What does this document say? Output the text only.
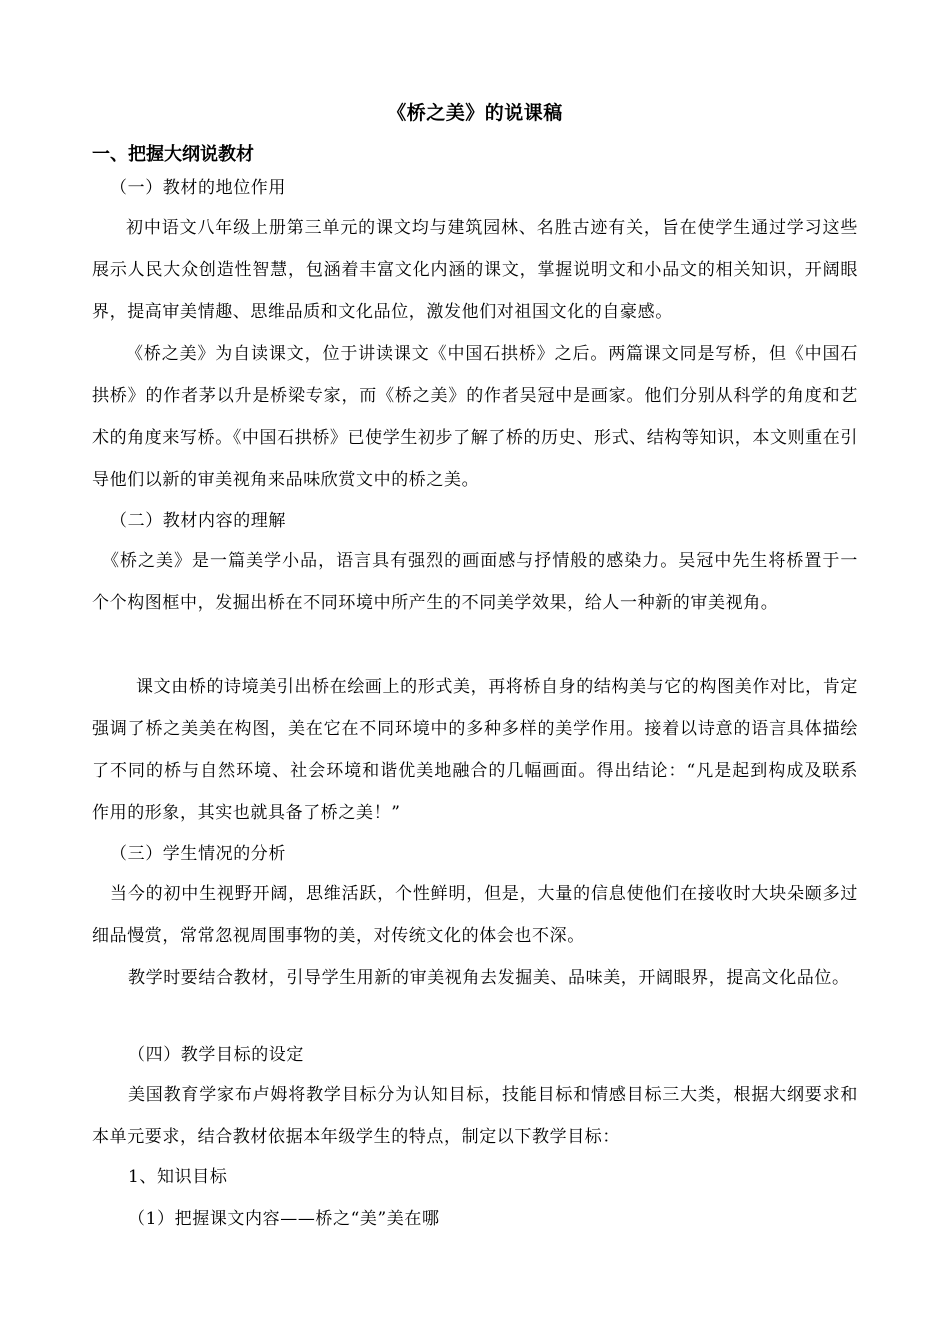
《桥之美》的说课稿
一、把握大纲说教材
（一）教材的地位作用

初中语文八年级上册第三单元的课文均与建筑园林、名胜古迹有关，旨在使学生通过学习这些展示人民大众创造性智慧，包涵着丰富文化内涵的课文，掌握说明文和小品文的相关知识，开阔眼界，提高审美情趣、思维品质和文化品位，激发他们对祖国文化的自豪感。

《桥之美》为自读课文，位于讲读课文《中国石拱桥》之后。两篇课文同是写桥，但《中国石拱桥》的作者茅以升是桥梁专家，而《桥之美》的作者吴冠中是画家。他们分别从科学的角度和艺术的角度来写桥。《中国石拱桥》已使学生初步了解了桥的历史、形式、结构等知识，本文则重在引导他们以新的审美视角来品味欣赏文中的桥之美。

（二）教材内容的理解

《桥之美》是一篇美学小品，语言具有强烈的画面感与抒情般的感染力。吴冠中先生将桥置于一个个构图框中，发掘出桥在不同环境中所产生的不同美学效果，给人一种新的审美视角。

课文由桥的诗境美引出桥在绘画上的形式美，再将桥自身的结构美与它的构图美作对比，肯定强调了桥之美美在构图，美在它在不同环境中的多种多样的美学作用。接着以诗意的语言具体描绘了不同的桥与自然环境、社会环境和谐优美地融合的几幅画面。得出结论：“凡是起到构成及联系作用的形象，其实也就具备了桥之美！”

（三）学生情况的分析

当今的初中生视野开阔，思维活跃，个性鲜明，但是，大量的信息使他们在接收时大块朵颐多过细品慢赏，常常忽视周围事物的美，对传统文化的体会也不深。

教学时要结合教材，引导学生用新的审美视角去发掘美、品味美，开阔眼界，提高文化品位。

（四）教学目标的设定

美国教育学家布卢姆将教学目标分为认知目标，技能目标和情感目标三大类，根据大纲要求和本单元要求，结合教材依据本年级学生的特点，制定以下教学目标：

1、知识目标
（1）把握课文内容——桥之“美”美在哪
